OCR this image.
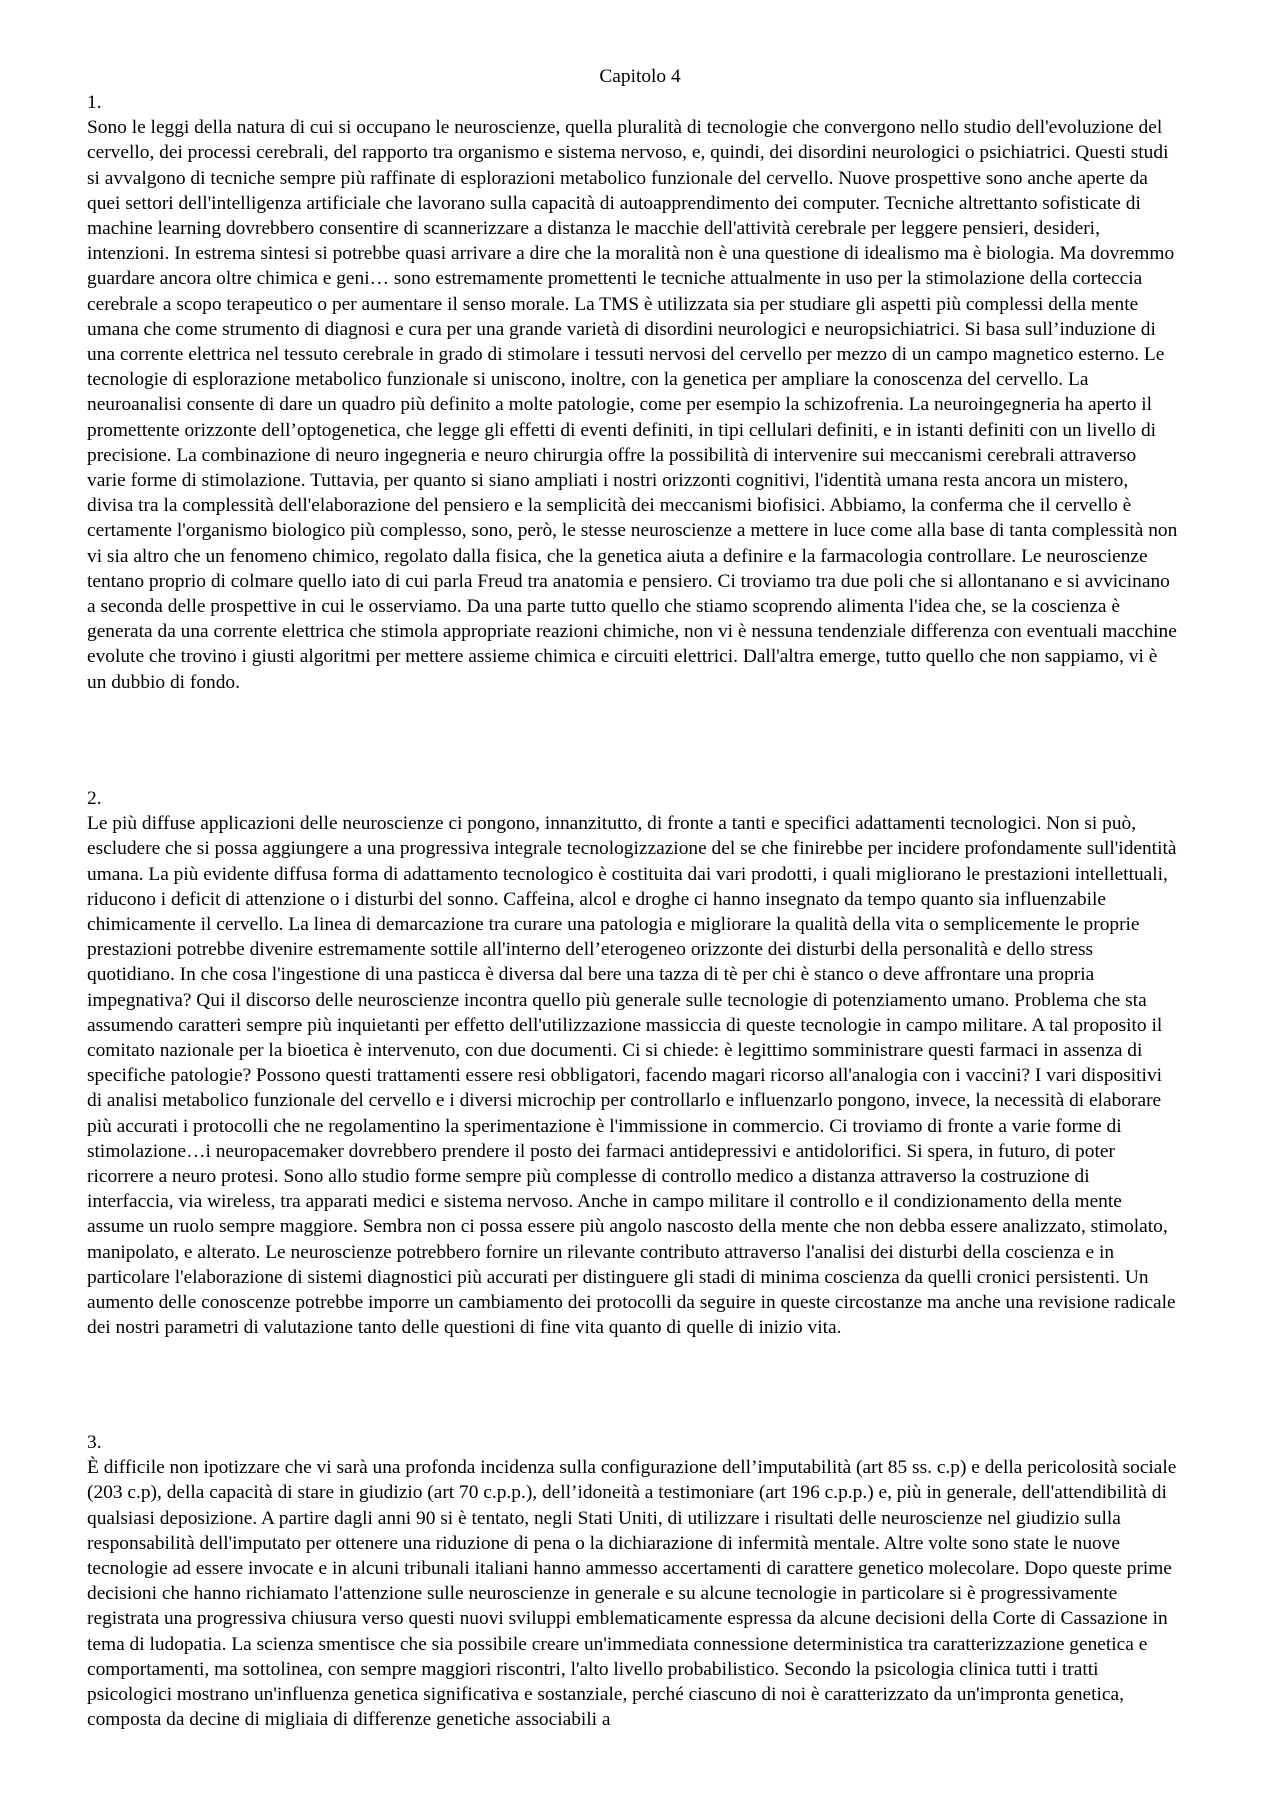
Capitolo 4
1.

Sono le leggi della natura di cui si occupano le neuroscienze, quella pluralità di tecnologie che convergono nello studio dell'evoluzione del cervello, dei processi cerebrali, del rapporto tra organismo e sistema nervoso, e, quindi, dei disordini neurologici o psichiatrici. Questi studi si avvalgono di tecniche sempre più raffinate di esplorazioni metabolico funzionale del cervello. Nuove prospettive sono anche aperte da quei settori dell'intelligenza artificiale che lavorano sulla capacità di autoapprendimento dei computer. Tecniche altrettanto sofisticate di machine learning dovrebbero consentire di scannerizzare a distanza le macchie dell'attività cerebrale per leggere pensieri, desideri, intenzioni. In estrema sintesi si potrebbe quasi arrivare a dire che la moralità non è una questione di idealismo ma è biologia. Ma dovremmo guardare ancora oltre chimica e geni… sono estremamente promettenti le tecniche attualmente in uso per la stimolazione della corteccia cerebrale a scopo terapeutico o per aumentare il senso morale. La TMS è utilizzata sia per studiare gli aspetti più complessi della mente umana che come strumento di diagnosi e cura per una grande varietà di disordini neurologici e neuropsichiatrici. Si basa sull’induzione di una corrente elettrica nel tessuto cerebrale in grado di stimolare i tessuti nervosi del cervello per mezzo di un campo magnetico esterno. Le tecnologie di esplorazione metabolico funzionale si uniscono, inoltre, con la genetica per ampliare la conoscenza del cervello. La neuroanalisi consente di dare un quadro più definito a molte patologie, come per esempio la schizofrenia. La neuroingegneria ha aperto il promettente orizzonte dell’optogenetica, che legge gli effetti di eventi definiti, in tipi cellulari definiti, e in istanti definiti con un livello di precisione. La combinazione di neuro ingegneria e neuro chirurgia offre la possibilità di intervenire sui meccanismi cerebrali attraverso varie forme di stimolazione. Tuttavia, per quanto si siano ampliati i nostri orizzonti cognitivi, l'identità umana resta ancora un mistero, divisa tra la complessità dell'elaborazione del pensiero e la semplicità dei meccanismi biofisici. Abbiamo, la conferma che il cervello è certamente l'organismo biologico più complesso, sono, però, le stesse neuroscienze a mettere in luce come alla base di tanta complessità non vi sia altro che un fenomeno chimico, regolato dalla fisica, che la genetica aiuta a definire e la farmacologia controllare. Le neuroscienze tentano proprio di colmare quello iato di cui parla Freud tra anatomia e pensiero. Ci troviamo tra due poli che si allontanano e si avvicinano a seconda delle prospettive in cui le osserviamo. Da una parte tutto quello che stiamo scoprendo alimenta l'idea che, se la coscienza è generata da una corrente elettrica che stimola appropriate reazioni chimiche, non vi è nessuna tendenziale differenza con eventuali macchine evolute che trovino i giusti algoritmi per mettere assieme chimica e circuiti elettrici. Dall'altra emerge, tutto quello che non sappiamo, vi è un dubbio di fondo.

2.

Le più diffuse applicazioni delle neuroscienze ci pongono, innanzitutto, di fronte a tanti e specifici adattamenti tecnologici. Non si può, escludere che si possa aggiungere a una progressiva integrale tecnologizzazione del se che finirebbe per incidere profondamente sull'identità umana. La più evidente diffusa forma di adattamento tecnologico è costituita dai vari prodotti, i quali migliorano le prestazioni intellettuali, riducono i deficit di attenzione o i disturbi del sonno. Caffeina, alcol e droghe ci hanno insegnato da tempo quanto sia influenzabile chimicamente il cervello. La linea di demarcazione tra curare una patologia e migliorare la qualità della vita o semplicemente le proprie prestazioni potrebbe divenire estremamente sottile all'interno dell’eterogeneo orizzonte dei disturbi della personalità e dello stress quotidiano. In che cosa l'ingestione di una pasticca è diversa dal bere una tazza di tè per chi è stanco o deve affrontare una propria impegnativa? Qui il discorso delle neuroscienze incontra quello più generale sulle tecnologie di potenziamento umano. Problema che sta assumendo caratteri sempre più inquietanti per effetto dell'utilizzazione massiccia di queste tecnologie in campo militare. A tal proposito il comitato nazionale per la bioetica è intervenuto, con due documenti. Ci si chiede: è legittimo somministrare questi farmaci in assenza di specifiche patologie? Possono questi trattamenti essere resi obbligatori, facendo magari ricorso all'analogia con i vaccini? I vari dispositivi di analisi metabolico funzionale del cervello e i diversi microchip per controllarlo e influenzarlo pongono, invece, la necessità di elaborare più accurati i protocolli che ne regolamentino la sperimentazione è l'immissione in commercio. Ci troviamo di fronte a varie forme di stimolazione…i neuropacemaker dovrebbero prendere il posto dei farmaci antidepressivi e antidolorifici. Si spera, in futuro, di poter ricorrere a neuro protesi. Sono allo studio forme sempre più complesse di controllo medico a distanza attraverso la costruzione di interfaccia, via wireless, tra apparati medici e sistema nervoso. Anche in campo militare il controllo e il condizionamento della mente assume un ruolo sempre maggiore. Sembra non ci possa essere più angolo nascosto della mente che non debba essere analizzato, stimolato, manipolato, e alterato. Le neuroscienze potrebbero fornire un rilevante contributo attraverso l'analisi dei disturbi della coscienza e in particolare l'elaborazione di sistemi diagnostici più accurati per distinguere gli stadi di minima coscienza da quelli cronici persistenti. Un aumento delle conoscenze potrebbe imporre un cambiamento dei protocolli da seguire in queste circostanze ma anche una revisione radicale dei nostri parametri di valutazione tanto delle questioni di fine vita quanto di quelle di inizio vita.

3.

È difficile non ipotizzare che vi sarà una profonda incidenza sulla configurazione dell’imputabilità (art 85 ss. c.p) e della pericolosità sociale (203 c.p), della capacità di stare in giudizio (art 70 c.p.p.), dell’idoneità a testimoniare (art 196 c.p.p.) e, più in generale, dell'attendibilità di qualsiasi deposizione. A partire dagli anni 90 si è tentato, negli Stati Uniti, di utilizzare i risultati delle neuroscienze nel giudizio sulla responsabilità dell'imputato per ottenere una riduzione di pena o la dichiarazione di infermità mentale. Altre volte sono state le nuove tecnologie ad essere invocate e in alcuni tribunali italiani hanno ammesso accertamenti di carattere genetico molecolare. Dopo queste prime decisioni che hanno richiamato l'attenzione sulle neuroscienze in generale e su alcune tecnologie in particolare si è progressivamente registrata una progressiva chiusura verso questi nuovi sviluppi emblematicamente espressa da alcune decisioni della Corte di Cassazione in tema di ludopatia. La scienza smentisce che sia possibile creare un'immediata connessione deterministica tra caratterizzazione genetica e comportamenti, ma sottolinea, con sempre maggiori riscontri, l'alto livello probabilistico. Secondo la psicologia clinica tutti i tratti psicologici mostrano un'influenza genetica significativa e sostanziale, perché ciascuno di noi è caratterizzato da un'impronta genetica, composta da decine di migliaia di differenze genetiche associabili a
